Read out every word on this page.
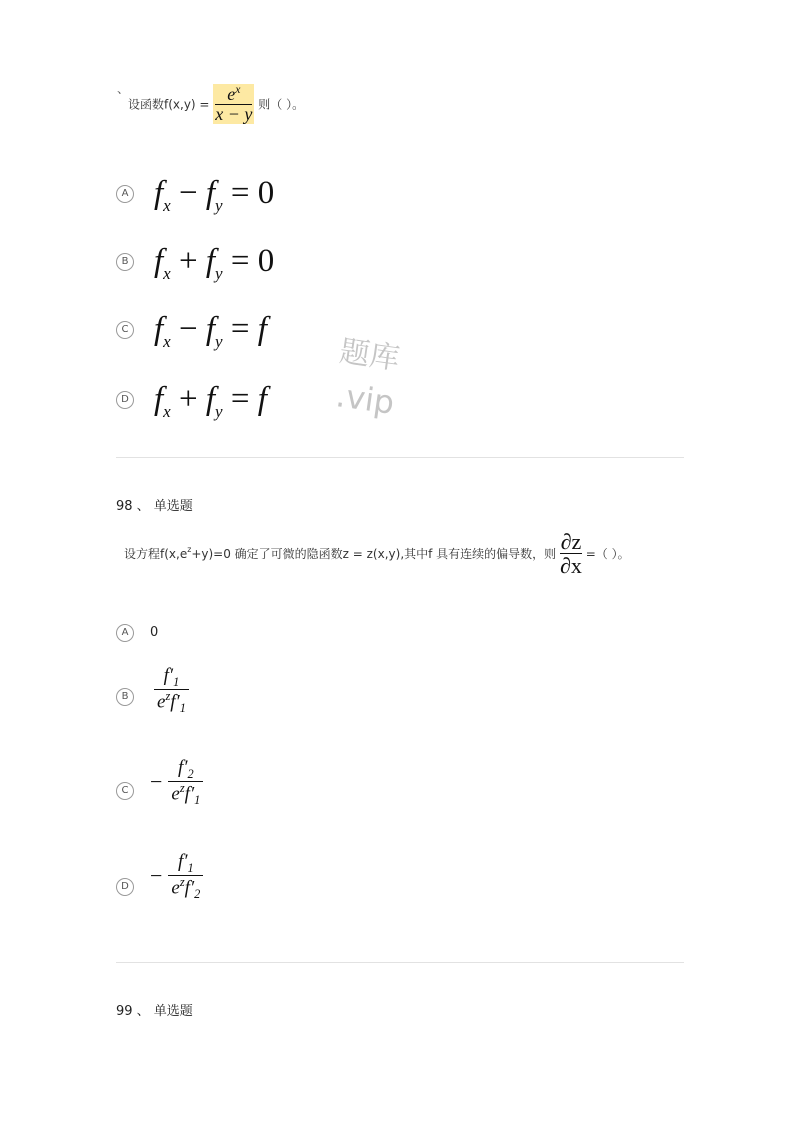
、
设函数$f(x,y) = \frac{e^x}{x - y}$ 则（ ）。
A $f_x - f_y = 0$
B $f_x + f_y = 0$
C $f_x - f_y = f$
D $f_x + f_y = f$
题库
.vip
98 、 单选题
设方程$f(x,e^z+y)=0$ 确定了可微的隐函数z = z(x,y),其中f 具有连续的偏导数，则 $\frac{\partial z}{\partial x}$ =（ ）。
A	0
B $\frac{f'_1}{e^zf'_1}$
$C - \frac{f'_2}{e^zf'_1}$
$D - \frac{f'_1}{e^zf'_2}$
99 、 单选题
